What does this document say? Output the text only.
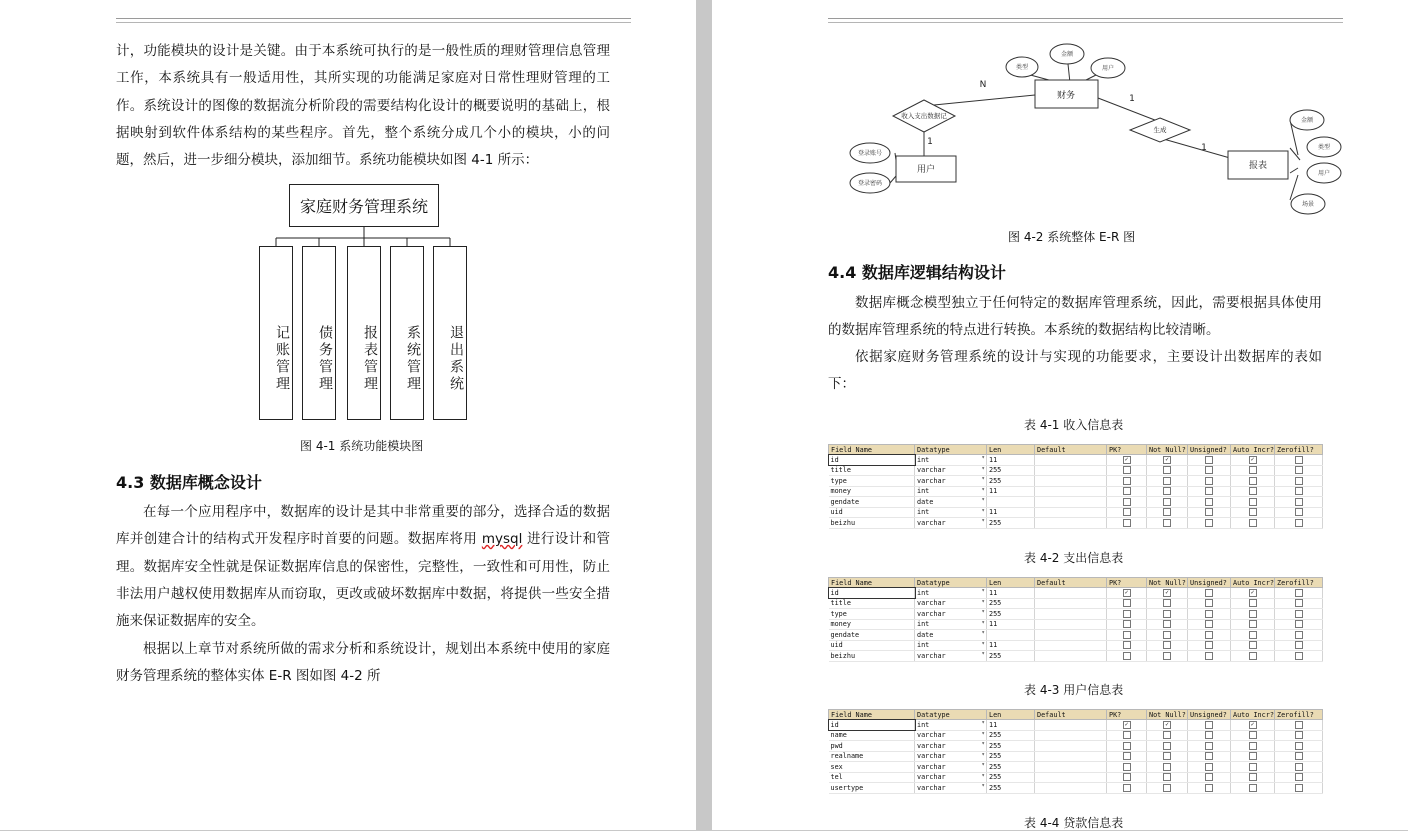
计，功能模块的设计是关键。由于本系统可执行的是一般性质的理财管理信息管理工作，本系统具有一般适用性，其所实现的功能满足家庭对日常性理财管理的工作。系统设计的图像的数据流分析阶段的需要结构化设计的概要说明的基础上，根据映射到软件体系结构的某些程序。首先，整个系统分成几个小的模块，小的问题，然后，进一步细分模块，添加细节。系统功能模块如图 4-1 所示：

家庭财务管理系统
记账管理	债务管理	报表管理	系统管理	退出系统

图 4-1 系统功能模块图

4.3 数据库概念设计

在每一个应用程序中，数据库的设计是其中非常重要的部分，选择合适的数据库并创建合计的结构式开发程序时首要的问题。数据库将用 mysql 进行设计和管理。数据库安全性就是保证数据库信息的保密性，完整性，一致性和可用性，防止非法用户越权使用数据库从而窃取，更改或破坏数据库中数据，将提供一些安全措施来保证数据库的安全。

根据以上章节对系统所做的需求分析和系统设计，规划出本系统中使用的家庭财务管理系统的整体实体 E-R 图如图 4-2 所

类型
金额
用户
登录账号
登录密码
金额
类型
用户
场景
财务
用户	报表
收入支出数据记
生成
N
1
1
1

图 4-2 系统整体 E-R 图

4.4 数据库逻辑结构设计

数据库概念模型独立于任何特定的数据库管理系统，因此，需要根据具体使用的数据库管理系统的特点进行转换。本系统的数据结构比较清晰。

依据家庭财务管理系统的设计与实现的功能要求，主要设计出数据库的表如下：

表 4-1 收入信息表

Field Name	Datatype	Len	Default	PK?	Not Null?	Unsigned?	Auto Incr?	Zerofill?
id	int ▾	11		✓	✓		✓	
title	varchar ▾	255						
type	varchar ▾	255						
money	int ▾	11						
gendate	date ▾							
uid	int ▾	11						
beizhu	varchar ▾	255						

表 4-2 支出信息表

Field Name	Datatype	Len	Default	PK?	Not Null?	Unsigned?	Auto Incr?	Zerofill?
id	int ▾	11		✓	✓		✓	
title	varchar ▾	255						
type	varchar ▾	255						
money	int ▾	11						
gendate	date ▾							
uid	int ▾	11						
beizhu	varchar ▾	255						

表 4-3 用户信息表

Field Name	Datatype	Len	Default	PK?	Not Null?	Unsigned?	Auto Incr?	Zerofill?
id	int ▾	11		✓	✓		✓	
name	varchar ▾	255						
pwd	varchar ▾	255						
realname	varchar ▾	255						
sex	varchar ▾	255						
tel	varchar ▾	255						
usertype	varchar ▾	255						

表 4-4 贷款信息表
